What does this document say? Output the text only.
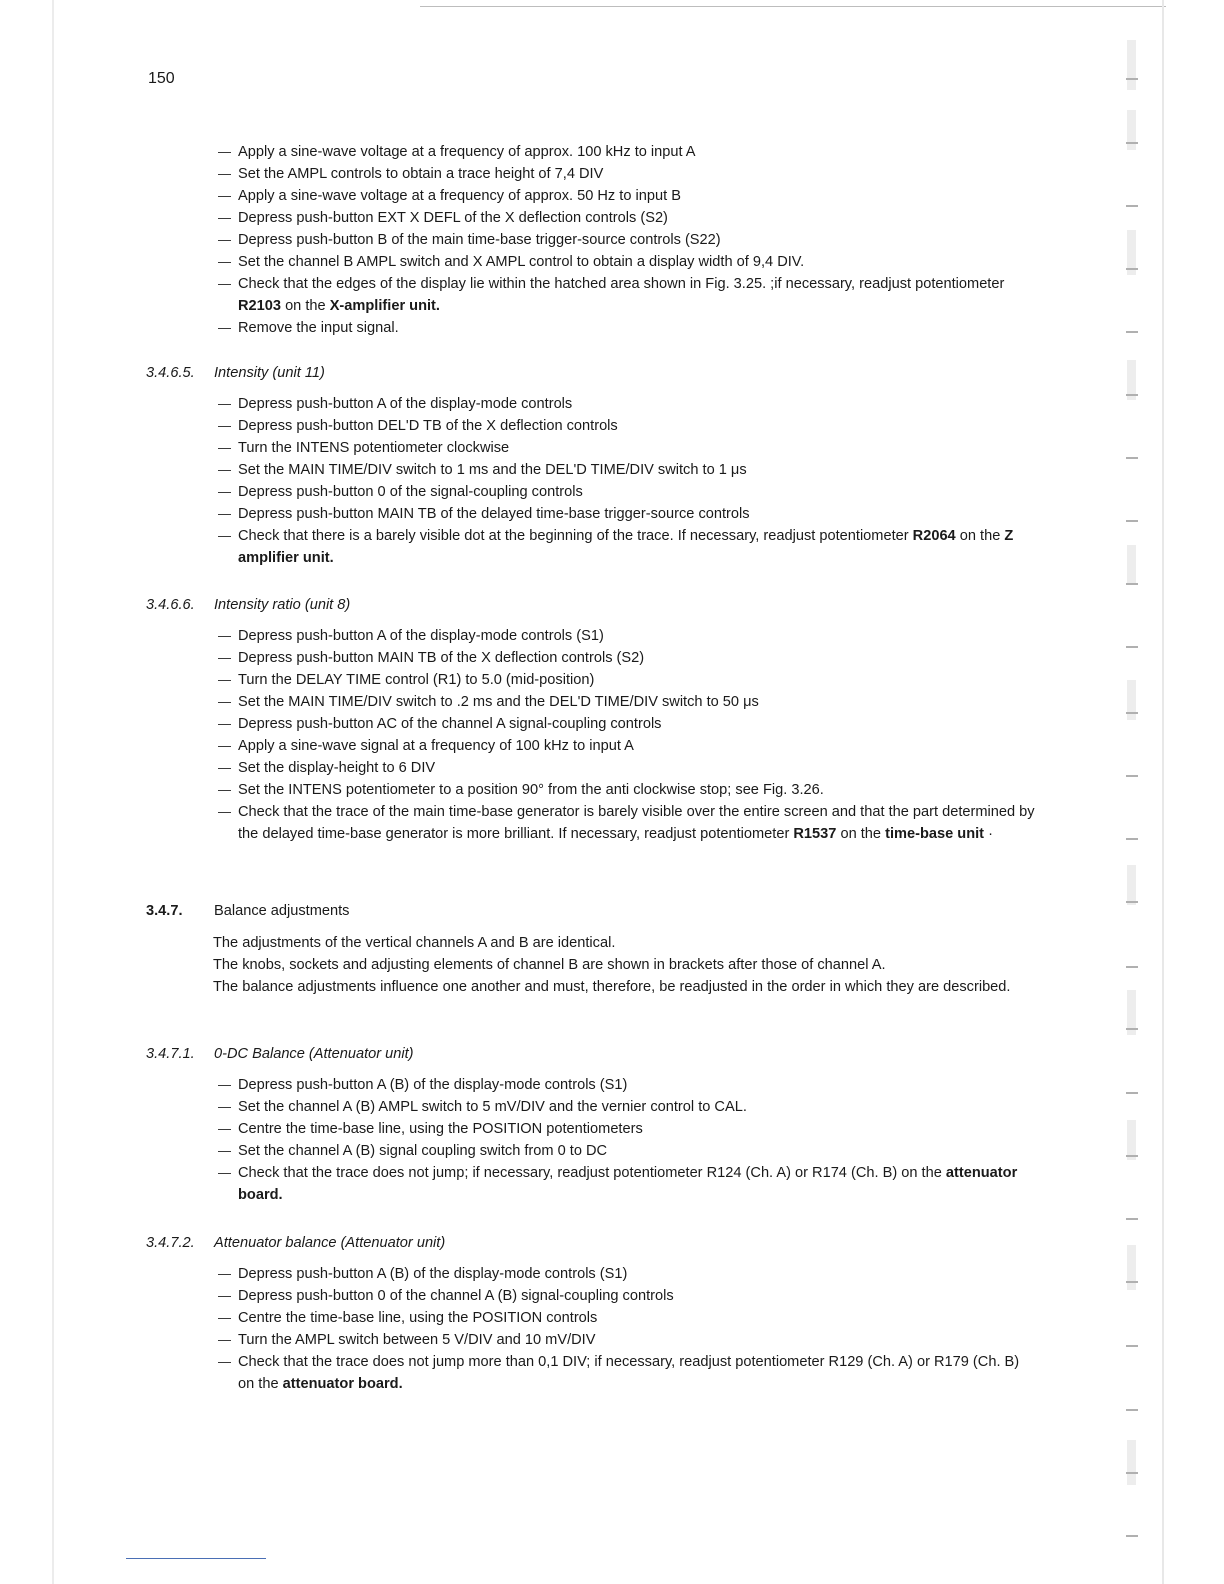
150
— Apply a sine-wave voltage at a frequency of approx. 100 kHz to input A
— Set the AMPL controls to obtain a trace height of 7,4 DIV
— Apply a sine-wave voltage at a frequency of approx. 50 Hz to input B
— Depress push-button EXT X DEFL of the X deflection controls (S2)
— Depress push-button B of the main time-base trigger-source controls (S22)
— Set the channel B AMPL switch and X AMPL control to obtain a display width of 9,4 DIV.
— Check that the edges of the display lie within the hatched area shown in Fig. 3.25. ;if necessary, readjust potentiometer R2103 on the X-amplifier unit.
— Remove the input signal.
3.4.6.5. Intensity (unit 11)
— Depress push-button A of the display-mode controls
— Depress push-button DEL'D TB of the X deflection controls
— Turn the INTENS potentiometer clockwise
— Set the MAIN TIME/DIV switch to 1 ms and the DEL'D TIME/DIV switch to 1 μs
— Depress push-button 0 of the signal-coupling controls
— Depress push-button MAIN TB of the delayed time-base trigger-source controls
— Check that there is a barely visible dot at the beginning of the trace. If necessary, readjust potentiometer R2064 on the Z amplifier unit.
3.4.6.6. Intensity ratio (unit 8)
— Depress push-button A of the display-mode controls (S1)
— Depress push-button MAIN TB of the X deflection controls (S2)
— Turn the DELAY TIME control (R1) to 5.0 (mid-position)
— Set the MAIN TIME/DIV switch to .2 ms and the DEL'D TIME/DIV switch to 50 μs
— Depress push-button AC of the channel A signal-coupling controls
— Apply a sine-wave signal at a frequency of 100 kHz to input A
— Set the display-height to 6 DIV
— Set the INTENS potentiometer to a position 90° from the anti clockwise stop; see Fig. 3.26.
— Check that the trace of the main time-base generator is barely visible over the entire screen and that the part determined by the delayed time-base generator is more brilliant. If necessary, readjust potentiometer R1537 on the time-base unit ·
3.4.7. Balance adjustments

The adjustments of the vertical channels A and B are identical.

The knobs, sockets and adjusting elements of channel B are shown in brackets after those of channel A.

The balance adjustments influence one another and must, therefore, be readjusted in the order in which they are described.

3.4.7.1. 0-DC Balance (Attenuator unit)
— Depress push-button A (B) of the display-mode controls (S1)
— Set the channel A (B) AMPL switch to 5 mV/DIV and the vernier control to CAL.
— Centre the time-base line, using the POSITION potentiometers
— Set the channel A (B) signal coupling switch from 0 to DC
— Check that the trace does not jump; if necessary, readjust potentiometer R124 (Ch. A) or R174 (Ch. B) on the attenuator board.
3.4.7.2. Attenuator balance (Attenuator unit)
— Depress push-button A (B) of the display-mode controls (S1)
— Depress push-button 0 of the channel A (B) signal-coupling controls
— Centre the time-base line, using the POSITION controls
— Turn the AMPL switch between 5 V/DIV and 10 mV/DIV
— Check that the trace does not jump more than 0,1 DIV; if necessary, readjust potentiometer R129 (Ch. A) or R179 (Ch. B) on the attenuator board.
